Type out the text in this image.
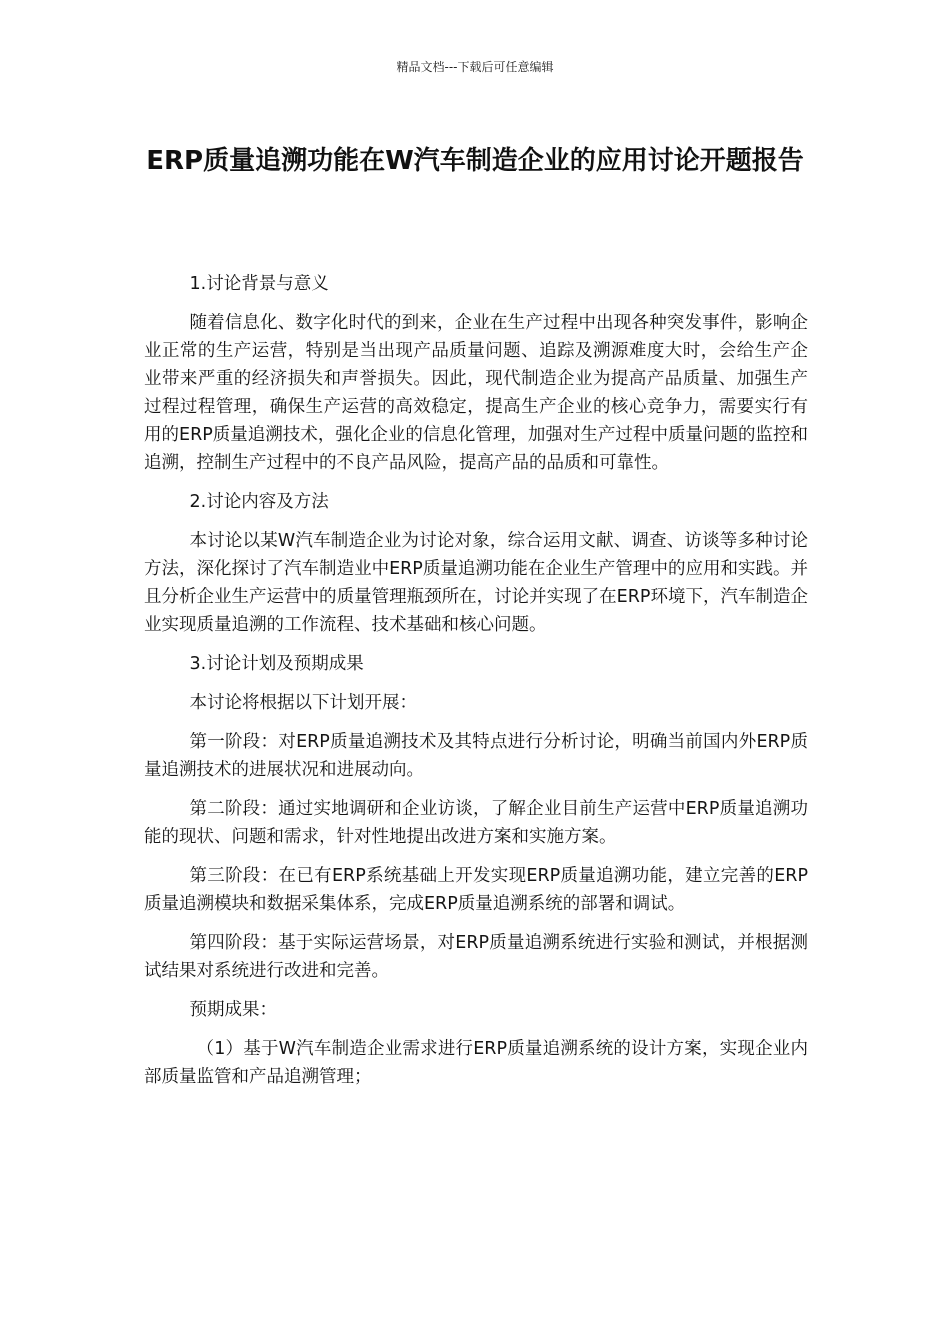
精品文档---下载后可任意编辑
ERP质量追溯功能在W汽车制造企业的应用讨论开题报告

1.讨论背景与意义

随着信息化、数字化时代的到来，企业在生产过程中出现各种突发事件，影响企业正常的生产运营，特别是当出现产品质量问题、追踪及溯源难度大时，会给生产企业带来严重的经济损失和声誉损失。因此，现代制造企业为提高产品质量、加强生产过程过程管理，确保生产运营的高效稳定，提高生产企业的核心竞争力，需要实行有用的ERP质量追溯技术，强化企业的信息化管理，加强对生产过程中质量问题的监控和追溯，控制生产过程中的不良产品风险，提高产品的品质和可靠性。

2.讨论内容及方法

本讨论以某W汽车制造企业为讨论对象，综合运用文献、调查、访谈等多种讨论方法，深化探讨了汽车制造业中ERP质量追溯功能在企业生产管理中的应用和实践。并且分析企业生产运营中的质量管理瓶颈所在，讨论并实现了在ERP环境下，汽车制造企业实现质量追溯的工作流程、技术基础和核心问题。

3.讨论计划及预期成果

本讨论将根据以下计划开展：

第一阶段：对ERP质量追溯技术及其特点进行分析讨论，明确当前国内外ERP质量追溯技术的进展状况和进展动向。

第二阶段：通过实地调研和企业访谈，了解企业目前生产运营中ERP质量追溯功能的现状、问题和需求，针对性地提出改进方案和实施方案。

第三阶段：在已有ERP系统基础上开发实现ERP质量追溯功能，建立完善的ERP质量追溯模块和数据采集体系，完成ERP质量追溯系统的部署和调试。

第四阶段：基于实际运营场景，对ERP质量追溯系统进行实验和测试，并根据测试结果对系统进行改进和完善。

预期成果：

（1）基于W汽车制造企业需求进行ERP质量追溯系统的设计方案，实现企业内部质量监管和产品追溯管理；
